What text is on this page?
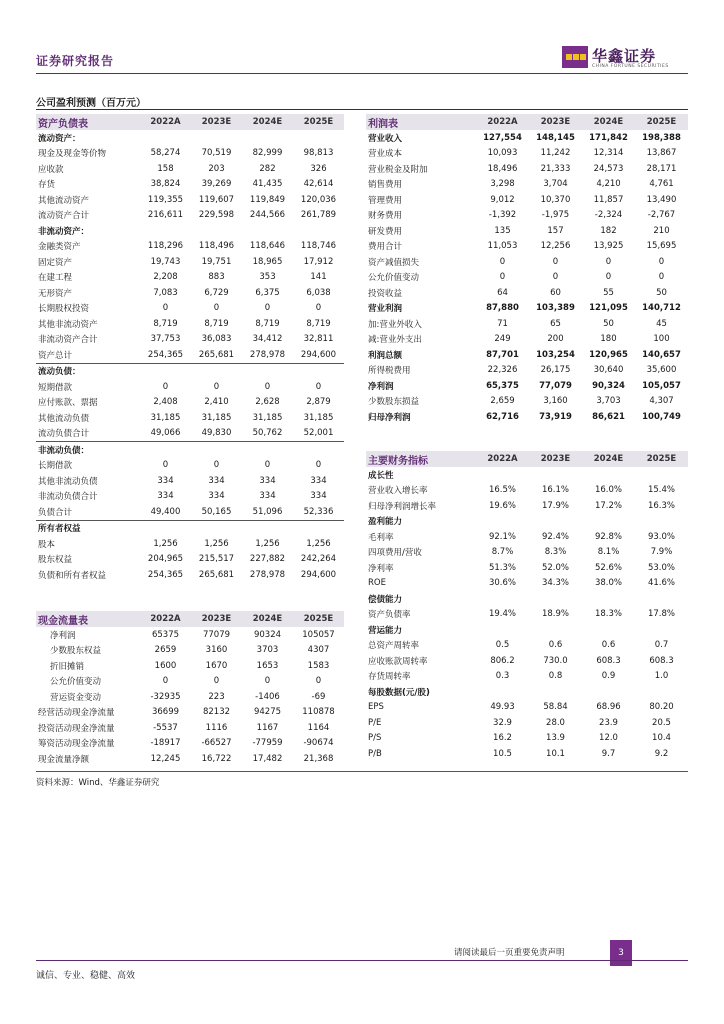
证券研究报告	华鑫证券
CHINA FORTUNE SECURITIES
公司盈利预测（百万元）
资产负债表	2022A	2023E	2024E	2025E
流动资产：				
现金及现金等价物	58,274	70,519	82,999	98,813
应收款	158	203	282	326
存货	38,824	39,269	41,435	42,614
其他流动资产	119,355	119,607	119,849	120,036
流动资产合计	216,611	229,598	244,566	261,789
非流动资产：				
金融类资产	118,296	118,496	118,646	118,746
固定资产	19,743	19,751	18,965	17,912
在建工程	2,208	883	353	141
无形资产	7,083	6,729	6,375	6,038
长期股权投资	0	0	0	0
其他非流动资产	8,719	8,719	8,719	8,719
非流动资产合计	37,753	36,083	34,412	32,811
资产总计	254,365	265,681	278,978	294,600
流动负债：				
短期借款	0	0	0	0
应付账款、票据	2,408	2,410	2,628	2,879
其他流动负债	31,185	31,185	31,185	31,185
流动负债合计	49,066	49,830	50,762	52,001
非流动负债：				
长期借款	0	0	0	0
其他非流动负债	334	334	334	334
非流动负债合计	334	334	334	334
负债合计	49,400	50,165	51,096	52,336
所有者权益				
股本	1,256	1,256	1,256	1,256
股东权益	204,965	215,517	227,882	242,264
负债和所有者权益	254,365	265,681	278,978	294,600
现金流量表	2022A	2023E	2024E	2025E
净利润	65375	77079	90324	105057
少数股东权益	2659	3160	3703	4307
折旧摊销	1600	1670	1653	1583
公允价值变动	0	0	0	0
营运资金变动	-32935	223	-1406	-69
经营活动现金净流量	36699	82132	94275	110878
投资活动现金净流量	-5537	1116	1167	1164
筹资活动现金净流量	-18917	-66527	-77959	-90674
现金流量净额	12,245	16,722	17,482	21,368
利润表	2022A	2023E	2024E	2025E
营业收入	127,554	148,145	171,842	198,388
营业成本	10,093	11,242	12,314	13,867
营业税金及附加	18,496	21,333	24,573	28,171
销售费用	3,298	3,704	4,210	4,761
管理费用	9,012	10,370	11,857	13,490
财务费用	-1,392	-1,975	-2,324	-2,767
研发费用	135	157	182	210
费用合计	11,053	12,256	13,925	15,695
资产减值损失	0	0	0	0
公允价值变动	0	0	0	0
投资收益	64	60	55	50
营业利润	87,880	103,389	121,095	140,712
加:营业外收入	71	65	50	45
减:营业外支出	249	200	180	100
利润总额	87,701	103,254	120,965	140,657
所得税费用	22,326	26,175	30,640	35,600
净利润	65,375	77,079	90,324	105,057
少数股东损益	2,659	3,160	3,703	4,307
归母净利润	62,716	73,919	86,621	100,749
主要财务指标	2022A	2023E	2024E	2025E
成长性				
营业收入增长率	16.5%	16.1%	16.0%	15.4%
归母净利润增长率	19.6%	17.9%	17.2%	16.3%
盈利能力				
毛利率	92.1%	92.4%	92.8%	93.0%
四项费用/营收	8.7%	8.3%	8.1%	7.9%
净利率	51.3%	52.0%	52.6%	53.0%
ROE	30.6%	34.3%	38.0%	41.6%
偿债能力				
资产负债率	19.4%	18.9%	18.3%	17.8%
营运能力				
总资产周转率	0.5	0.6	0.6	0.7
应收账款周转率	806.2	730.0	608.3	608.3
存货周转率	0.3	0.8	0.9	1.0
每股数据(元/股)				
EPS	49.93	58.84	68.96	80.20
P/E	32.9	28.0	23.9	20.5
P/S	16.2	13.9	12.0	10.4
P/B	10.5	10.1	9.7	9.2
资料来源：Wind、华鑫证券研究
请阅读最后一页重要免责声明	3
诚信、专业、稳健、高效
